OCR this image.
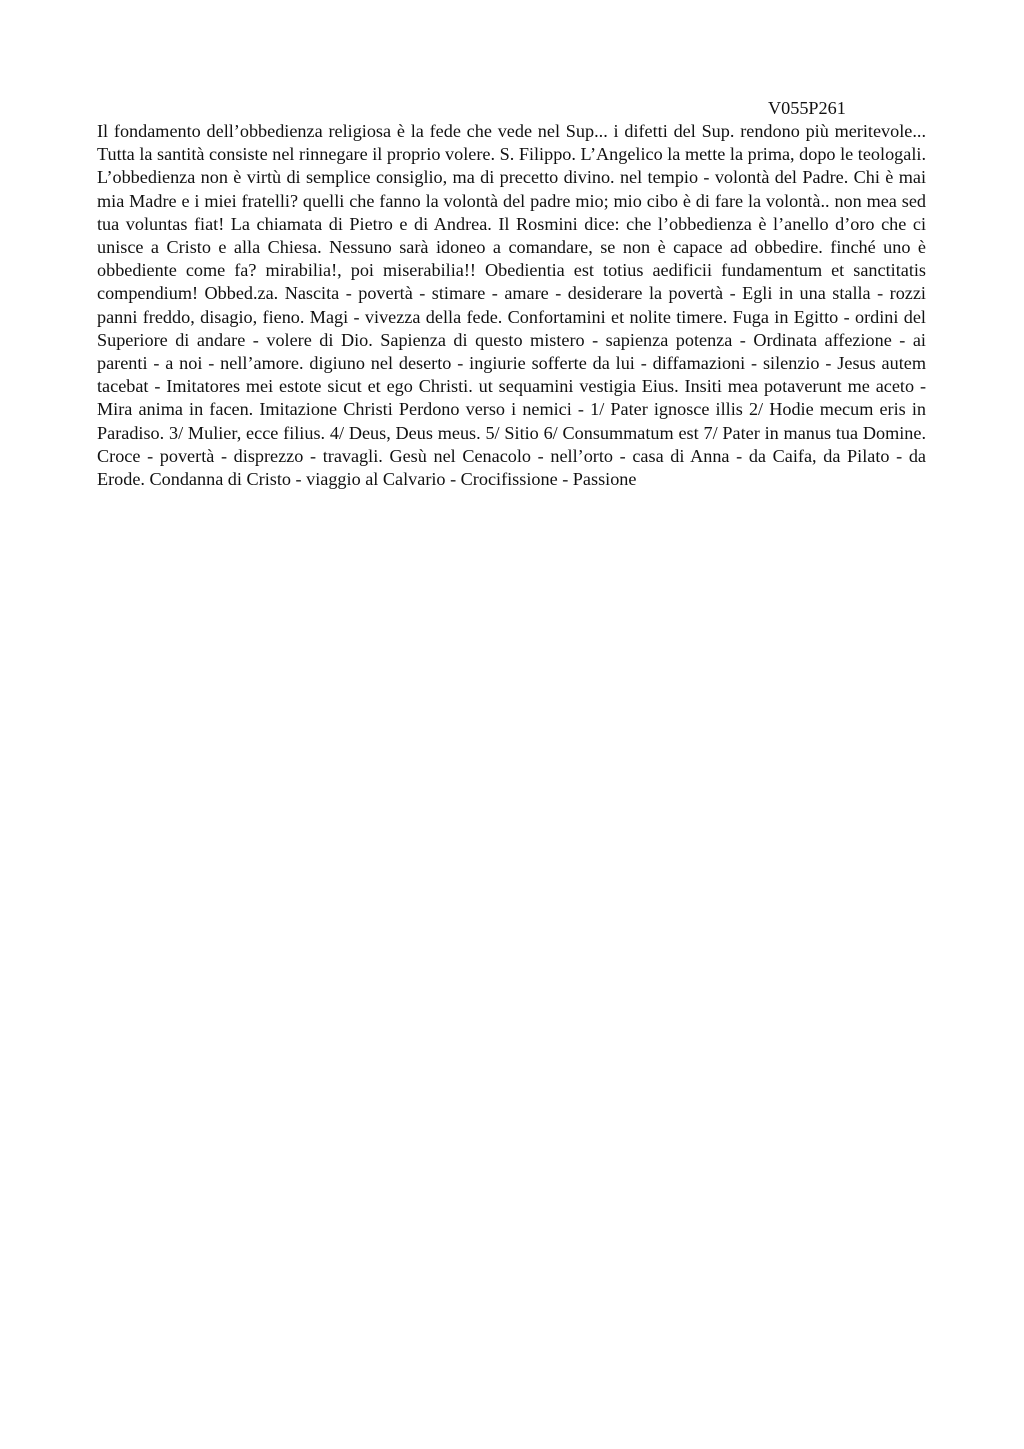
V055P261

Il fondamento dell’obbedienza religiosa è la fede che vede nel Sup... i difetti del Sup. rendono più meritevole... Tutta la santità consiste nel rinnegare il proprio volere. S. Filippo. L’Angelico la mette la prima, dopo le teologali. L’obbedienza non è virtù di semplice consiglio, ma di precetto divino. nel tempio - volontà del Padre. Chi è mai mia Madre e i miei fratelli? quelli che fanno la volontà del padre mio; mio cibo è di fare la volontà.. non mea sed tua voluntas fiat! La chiamata di Pietro e di Andrea. Il Rosmini dice: che l’obbedienza è l’anello d’oro che ci unisce a Cristo e alla Chiesa. Nessuno sarà idoneo a comandare, se non è capace ad obbedire. finché uno è obbediente come fa? mirabilia!, poi miserabilia!! Obedientia est totius aedificii fundamentum et sanctitatis compendium! Obbed.za. Nascita - povertà - stimare - amare - desiderare la povertà - Egli in una stalla - rozzi panni freddo, disagio, fieno. Magi - vivezza della fede. Confortamini et nolite timere. Fuga in Egitto - ordini del Superiore di andare - volere di Dio. Sapienza di questo mistero - sapienza potenza - Ordinata affezione - ai parenti - a noi - nell’amore. digiuno nel deserto - ingiurie sofferte da lui - diffamazioni - silenzio - Jesus autem tacebat - Imitatores mei estote sicut et ego Christi. ut sequamini vestigia Eius. Insiti mea potaverunt me aceto - Mira anima in facen. Imitazione Christi Perdono verso i nemici - 1/ Pater ignosce illis 2/ Hodie mecum eris in Paradiso. 3/ Mulier, ecce filius. 4/ Deus, Deus meus. 5/ Sitio 6/ Consummatum est 7/ Pater in manus tua Domine. Croce - povertà - disprezzo - travagli. Gesù nel Cenacolo - nell’orto - casa di Anna - da Caifa, da Pilato - da Erode. Condanna di Cristo - viaggio al Calvario - Crocifissione - Passione
